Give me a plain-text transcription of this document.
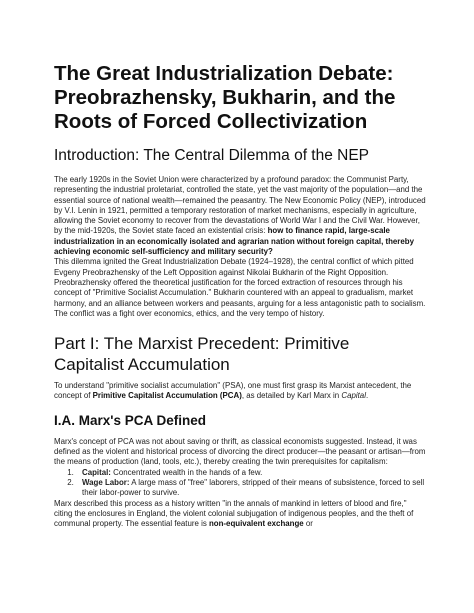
The Great Industrialization Debate: Preobrazhensky, Bukharin, and the Roots of Forced Collectivization
Introduction: The Central Dilemma of the NEP

The early 1920s in the Soviet Union were characterized by a profound paradox: the Communist Party, representing the industrial proletariat, controlled the state, yet the vast majority of the population—and the essential source of national wealth—remained the peasantry. The New Economic Policy (NEP), introduced by V.I. Lenin in 1921, permitted a temporary restoration of market mechanisms, especially in agriculture, allowing the Soviet economy to recover from the devastations of World War I and the Civil War. However, by the mid-1920s, the Soviet state faced an existential crisis: how to finance rapid, large-scale industrialization in an economically isolated and agrarian nation without foreign capital, thereby achieving economic self-sufficiency and military security?

This dilemma ignited the Great Industrialization Debate (1924–1928), the central conflict of which pitted Evgeny Preobrazhensky of the Left Opposition against Nikolai Bukharin of the Right Opposition. Preobrazhensky offered the theoretical justification for the forced extraction of resources through his concept of "Primitive Socialist Accumulation." Bukharin countered with an appeal to gradualism, market harmony, and an alliance between workers and peasants, arguing for a less antagonistic path to socialism. The conflict was a fight over economics, ethics, and the very tempo of history.

Part I: The Marxist Precedent: Primitive Capitalist Accumulation

To understand "primitive socialist accumulation" (PSA), one must first grasp its Marxist antecedent, the concept of Primitive Capitalist Accumulation (PCA), as detailed by Karl Marx in Capital.

I.A. Marx's PCA Defined

Marx's concept of PCA was not about saving or thrift, as classical economists suggested. Instead, it was defined as the violent and historical process of divorcing the direct producer—the peasant or artisan—from the means of production (land, tools, etc.), thereby creating the twin prerequisites for capitalism:

1. Capital: Concentrated wealth in the hands of a few.
2. Wage Labor: A large mass of "free" laborers, stripped of their means of subsistence, forced to sell their labor-power to survive.

Marx described this process as a history written "in the annals of mankind in letters of blood and fire," citing the enclosures in England, the violent colonial subjugation of indigenous peoples, and the theft of communal property. The essential feature is non-equivalent exchange or
